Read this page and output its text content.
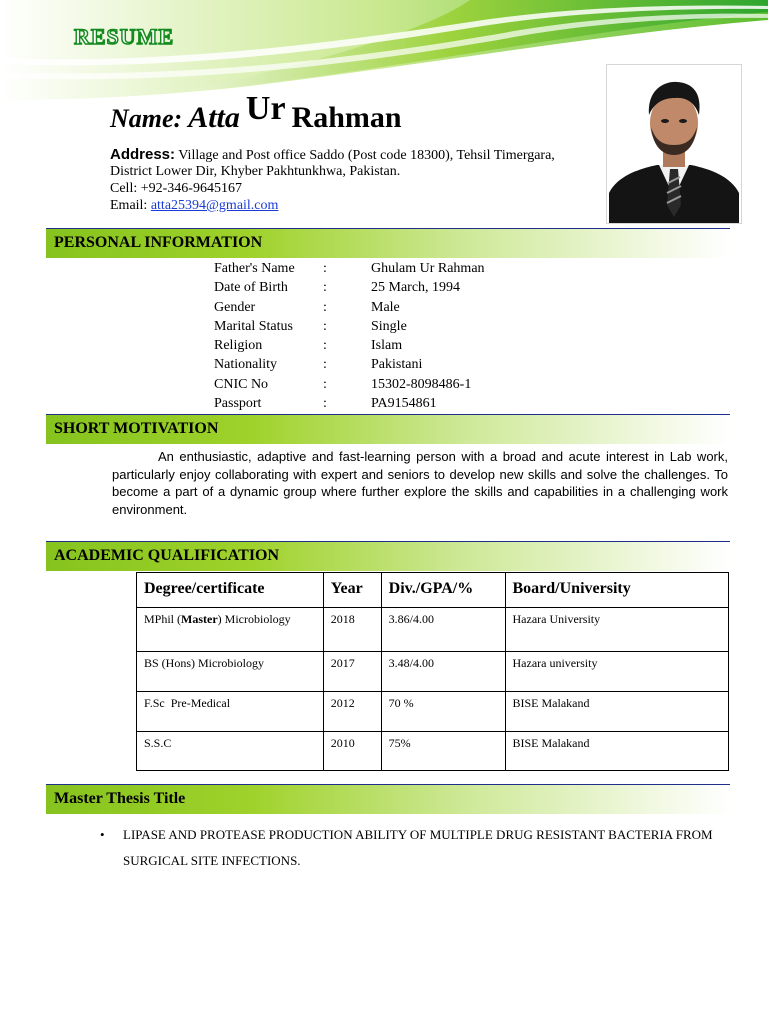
RESUME
Name: Atta Ur Rahman
Address: Village and Post office Saddo (Post code 18300), Tehsil Timergara,
District Lower Dir, Khyber Pakhtunkhwa, Pakistan.
Cell: +92-346-9645167
Email: atta25394@gmail.com
PERSONAL INFORMATION
Father's Name :	Ghulam Ur Rahman
Date of Birth	:	25 March, 1994
Gender	:	Male
Marital Status :	Single
Religion	:	Islam
Nationality	:	Pakistani
CNIC No	:	15302-8098486-1
Passport	:	PA9154861
SHORT MOTIVATION
An enthusiastic, adaptive and fast-learning person with a broad and acute interest in Lab work, particularly enjoy collaborating with expert and seniors to develop new skills and solve the challenges. To become a part of a dynamic group where further explore the skills and capabilities in a challenging work environment.
ACADEMIC QUALIFICATION
Degree/certificate	Year	Div./GPA/%	Board/University
MPhil (Master) Microbiology	2018	3.86/4.00	Hazara University
BS (Hons) Microbiology	2017	3.48/4.00	Hazara university
F.Sc  Pre-Medical	2012	70 %	BISE Malakand
S.S.C	2010	75%	BISE Malakand
Master Thesis Title
• LIPASE AND PROTEASE PRODUCTION ABILITY OF MULTIPLE DRUG RESISTANT BACTERIA FROM SURGICAL SITE INFECTIONS.
